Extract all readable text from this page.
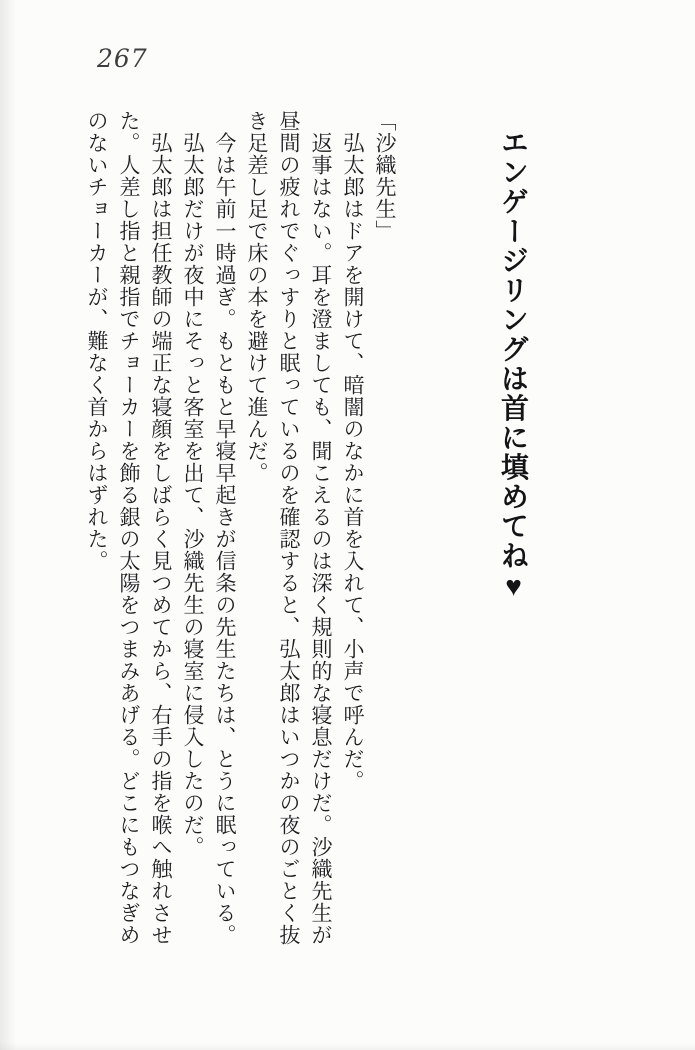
267
エンゲージリングは首に填めてね♥
「沙織先生」
　弘太郎はドアを開けて、暗闇のなかに首を入れて、小声で呼んだ。
　返事はない。耳を澄ましても、聞こえるのは深く規則的な寝息だけだ。沙織先生が
昼間の疲れでぐっすりと眠っているのを確認すると、弘太郎はいつかの夜のごとく抜
き足差し足で床の本を避けて進んだ。
　今は午前一時過ぎ。もともと早寝早起きが信条の先生たちは、とうに眠っている。
　弘太郎だけが夜中にそっと客室を出て、沙織先生の寝室に侵入したのだ。
　弘太郎は担任教師の端正な寝顔をしばらく見つめてから、右手の指を喉へ触れさせ
た。人差し指と親指でチョーカーを飾る銀の太陽をつまみあげる。どこにもつなぎめ
のないチョーカーが、難なく首からはずれた。
